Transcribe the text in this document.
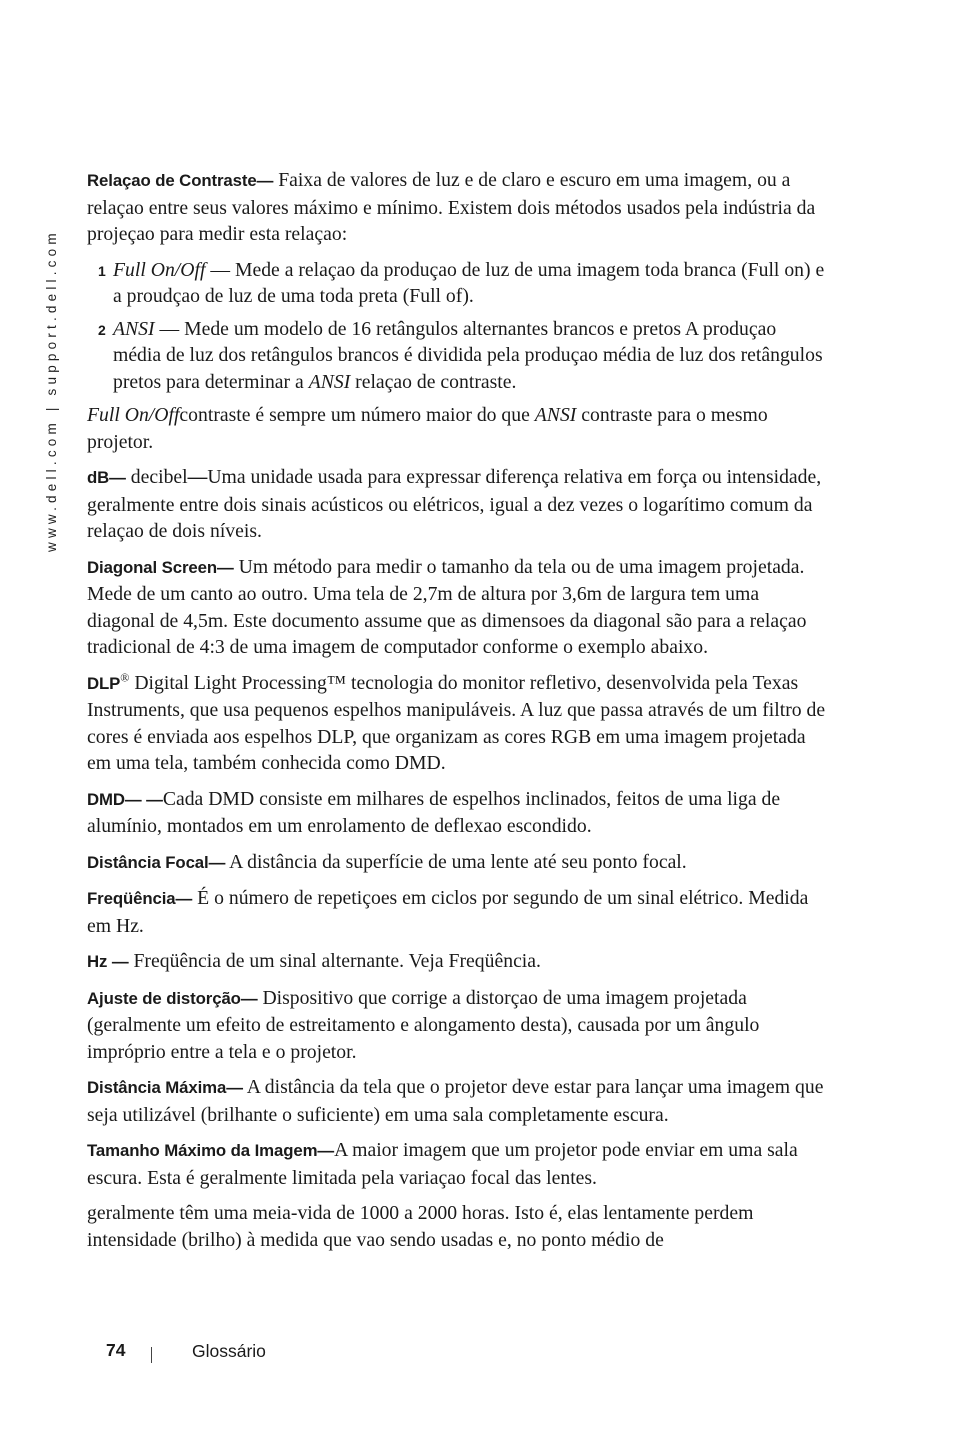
www.dell.com | support.dell.com

Relaçao de Contraste— Faixa de valores de luz e de claro e escuro em uma imagem, ou a relaçao entre seus valores máximo e mínimo. Existem dois métodos usados pela indústria da projeçao para medir esta relaçao:

1 Full On/Off — Mede a relaçao da produçao de luz de uma imagem toda branca (Full on) e a proudçao de luz de uma toda preta (Full of).
2 ANSI — Mede um modelo de 16 retângulos alternantes brancos e pretos A produçao média de luz dos retângulos brancos é dividida pela produçao média de luz dos retângulos pretos para determinar a ANSI relaçao de contraste.

Full On/Offcontraste é sempre um número maior do que ANSI contraste para o mesmo projetor.

dB— decibel—Uma unidade usada para expressar diferença relativa em força ou intensidade, geralmente entre dois sinais acústicos ou elétricos, igual a dez vezes o logarítimo comum da relaçao de dois níveis.

Diagonal Screen— Um método para medir o tamanho da tela ou de uma imagem projetada. Mede de um canto ao outro. Uma tela de 2,7m de altura por 3,6m de largura tem uma diagonal de 4,5m. Este documento assume que as dimensoes da diagonal são para a relaçao tradicional de 4:3 de uma imagem de computador conforme o exemplo abaixo.

DLP® Digital Light Processing™ tecnologia do monitor refletivo, desenvolvida pela Texas Instruments, que usa pequenos espelhos manipuláveis. A luz que passa através de um filtro de cores é enviada aos espelhos DLP, que organizam as cores RGB em uma imagem projetada em uma tela, também conhecida como DMD.

DMD— —Cada DMD consiste em milhares de espelhos inclinados, feitos de uma liga de alumínio, montados em um enrolamento de deflexao escondido.

Distância Focal— A distância da superfície de uma lente até seu ponto focal.

Freqüência— É o número de repetiçoes em ciclos por segundo de um sinal elétrico. Medida em Hz.

Hz — Freqüência de um sinal alternante. Veja Freqüência.

Ajuste de distorção— Dispositivo que corrige a distorçao de uma imagem projetada (geralmente um efeito de estreitamento e alongamento desta), causada por um ângulo impróprio entre a tela e o projetor.

Distância Máxima— A distância da tela que o projetor deve estar para lançar uma imagem que seja utilizável (brilhante o suficiente) em uma sala completamente escura.

Tamanho Máximo da Imagem—A maior imagem que um projetor pode enviar em uma sala escura. Esta é geralmente limitada pela variaçao focal das lentes.

geralmente têm uma meia-vida de 1000 a 2000 horas. Isto é, elas lentamente perdem intensidade (brilho) à medida que vao sendo usadas e, no ponto médio de

74	Glossário
